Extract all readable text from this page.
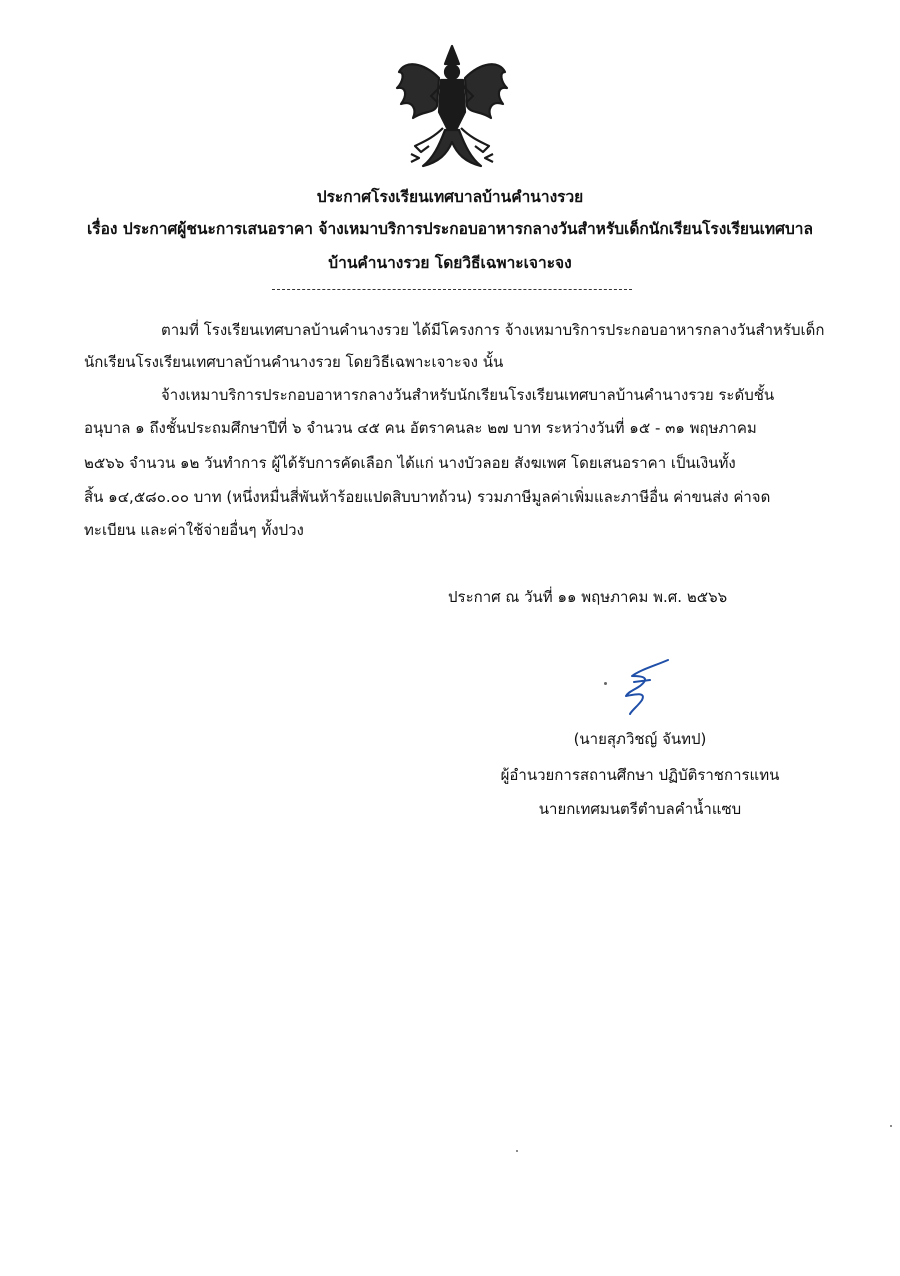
ประกาศโรงเรียนเทศบาลบ้านคำนางรวย
เรื่อง ประกาศผู้ชนะการเสนอราคา จ้างเหมาบริการประกอบอาหารกลางวันสำหรับเด็กนักเรียนโรงเรียนเทศบาล
บ้านคำนางรวย โดยวิธีเฉพาะเจาะจง
ตามที่ โรงเรียนเทศบาลบ้านคำนางรวย ได้มีโครงการ จ้างเหมาบริการประกอบอาหารกลางวันสำหรับเด็ก
นักเรียนโรงเรียนเทศบาลบ้านคำนางรวย โดยวิธีเฉพาะเจาะจง นั้น
จ้างเหมาบริการประกอบอาหารกลางวันสำหรับนักเรียนโรงเรียนเทศบาลบ้านคำนางรวย ระดับชั้น
อนุบาล ๑ ถึงชั้นประถมศึกษาปีที่ ๖ จำนวน ๔๕ คน อัตราคนละ ๒๗ บาท ระหว่างวันที่ ๑๕ - ๓๑ พฤษภาคม
๒๕๖๖ จำนวน ๑๒ วันทำการ ผู้ได้รับการคัดเลือก ได้แก่ นางบัวลอย สังฆเพศ โดยเสนอราคา เป็นเงินทั้ง
สิ้น ๑๔,๕๘๐.๐๐ บาท (หนึ่งหมื่นสี่พันห้าร้อยแปดสิบบาทถ้วน) รวมภาษีมูลค่าเพิ่มและภาษีอื่น ค่าขนส่ง ค่าจด
ทะเบียน และค่าใช้จ่ายอื่นๆ ทั้งปวง
ประกาศ ณ วันที่ ๑๑ พฤษภาคม พ.ศ. ๒๕๖๖
(นายสุภวิชญ์ จันทป)
ผู้อำนวยการสถานศึกษา ปฏิบัติราชการแทน
นายกเทศมนตรีตำบลคำน้ำแซบ
